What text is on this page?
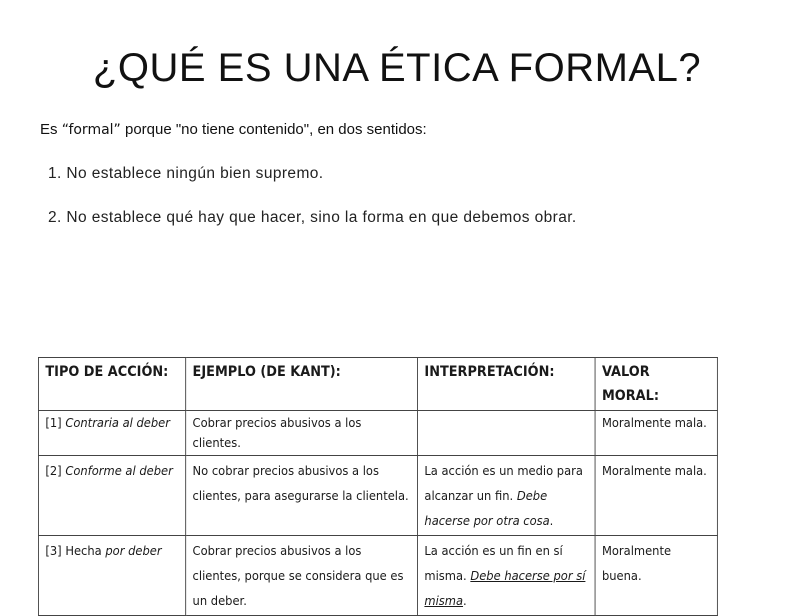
¿QUÉ ES UNA ÉTICA FORMAL?
Es “formal” porque "no tiene contenido", en dos sentidos:
1. No establece ningún bien supremo.
2. No establece qué hay que hacer, sino la forma en que debemos obrar.
TIPO DE ACCIÓN:	EJEMPLO (DE KANT):	INTERPRETACIÓN:	VALOR MORAL:
[1] Contraria al deber	Cobrar precios abusivos a los clientes.		Moralmente mala.
[2] Conforme al deber	No cobrar precios abusivos a los clientes, para asegurarse la clientela.	La acción es un medio para alcanzar un fin. Debe hacerse por otra cosa.	Moralmente mala.
[3] Hecha por deber	Cobrar precios abusivos a los clientes, porque se considera que es un deber.	La acción es un fin en sí misma. Debe hacerse por sí misma.	Moralmente buena.
